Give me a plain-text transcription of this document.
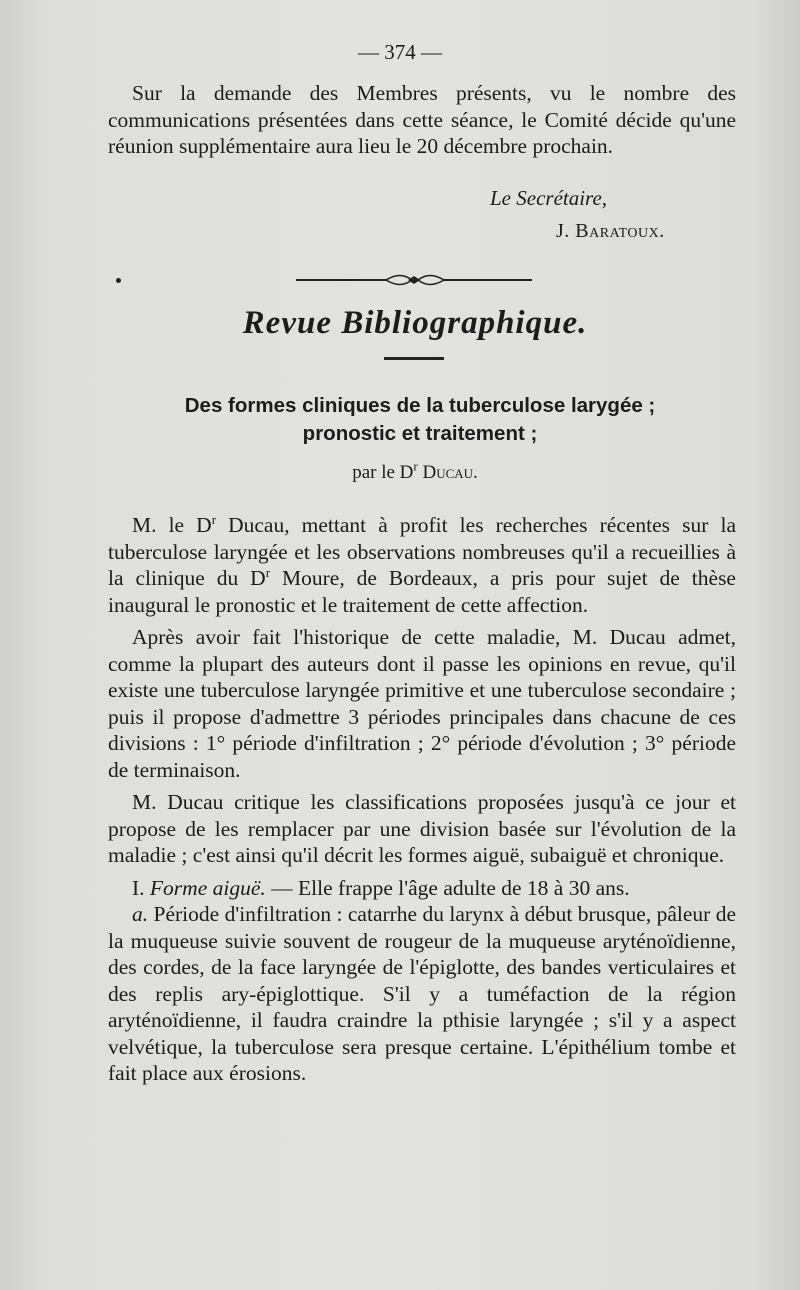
— 374 —

Sur la demande des Membres présents, vu le nombre des communications présentées dans cette séance, le Comité décide qu'une réunion supplémentaire aura lieu le 20 décembre prochain.

Le Secrétaire,
J. Baratoux.
Revue Bibliographique.
Des formes cliniques de la tuberculose larygée ;
pronostic et traitement ;
par le $D^r$ Ducau.

M. le $D^r$ Ducau, mettant à profit les recherches récentes sur la tuberculose laryngée et les observations nombreuses qu'il a recueillies à la clinique du $D^r$ Moure, de Bordeaux, a pris pour sujet de thèse inaugural le pronostic et le traitement de cette affection.

Après avoir fait l'historique de cette maladie, M. Ducau admet, comme la plupart des auteurs dont il passe les opinions en revue, qu'il existe une tuberculose laryngée primitive et une tuberculose secondaire ; puis il propose d'admettre 3 périodes principales dans chacune de ces divisions : 1° période d'infiltration ; 2° période d'évolution ; 3° période de terminaison.

M. Ducau critique les classifications proposées jusqu'à ce jour et propose de les remplacer par une division basée sur l'évolution de la maladie ; c'est ainsi qu'il décrit les formes aiguë, subaiguë et chronique.

I. Forme aiguë. — Elle frappe l'âge adulte de 18 à 30 ans.

a. Période d'infiltration : catarrhe du larynx à début brusque, pâleur de la muqueuse suivie souvent de rougeur de la muqueuse aryténoïdienne, des cordes, de la face laryngée de l'épiglotte, des bandes verticulaires et des replis ary-épiglottique. S'il y a tuméfaction de la région aryténoïdienne, il faudra craindre la pthisie laryngée ; s'il y a aspect velvétique, la tuberculose sera presque certaine. L'épithélium tombe et fait place aux érosions.
